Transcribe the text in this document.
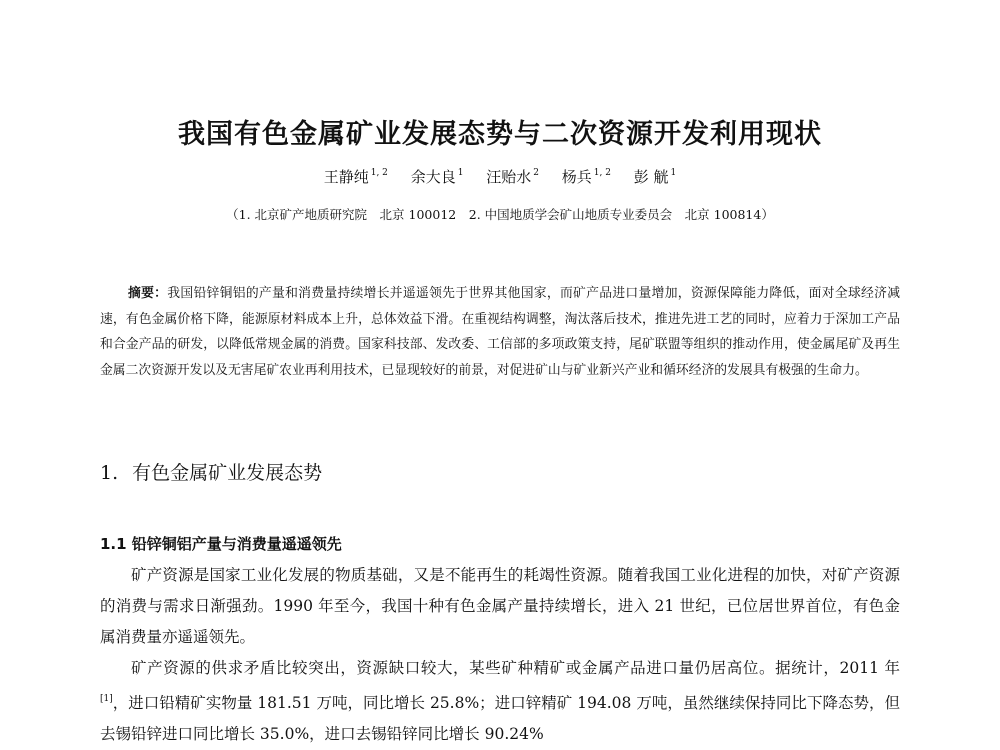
我国有色金属矿业发展态势与二次资源开发利用现状
王静纯 $^{1, 2}$ 余大良 $^1$ 汪贻水 $^2$ 杨兵 $^{1, 2}$ 彭 觥 $^1$
（1. 北京矿产地质研究院　北京 100012　2. 中国地质学会矿山地质专业委员会　北京 100814）

摘要：我国铅锌铜铝的产量和消费量持续增长并遥遥领先于世界其他国家，而矿产品进口量增加，资源保障能力降低，面对全球经济减速，有色金属价格下降，能源原材料成本上升，总体效益下滑。在重视结构调整，淘汰落后技术，推进先进工艺的同时，应着力于深加工产品和合金产品的研发，以降低常规金属的消费。国家科技部、发改委、工信部的多项政策支持，尾矿联盟等组织的推动作用，使金属尾矿及再生金属二次资源开发以及无害尾矿农业再利用技术，已显现较好的前景，对促进矿山与矿业新兴产业和循环经济的发展具有极强的生命力。

1. 有色金属矿业发展态势
1.1 铅锌铜铝产量与消费量遥遥领先

矿产资源是国家工业化发展的物质基础，又是不能再生的耗竭性资源。随着我国工业化进程的加快，对矿产资源的消费与需求日渐强劲。1990 年至今，我国十种有色金属产量持续增长，进入 21 世纪，已位居世界首位，有色金属消费量亦遥遥领先。

矿产资源的供求矛盾比较突出，资源缺口较大，某些矿种精矿或金属产品进口量仍居高位。据统计，2011 年[1]，进口铅精矿实物量 181.51 万吨，同比增长 25.8%；进口锌精矿 194.08 万吨，虽然继续保持同比下降态势，但去锡铅锌进口同比增长 35.0%，进口去锡铅锌同比增长 90.24%
